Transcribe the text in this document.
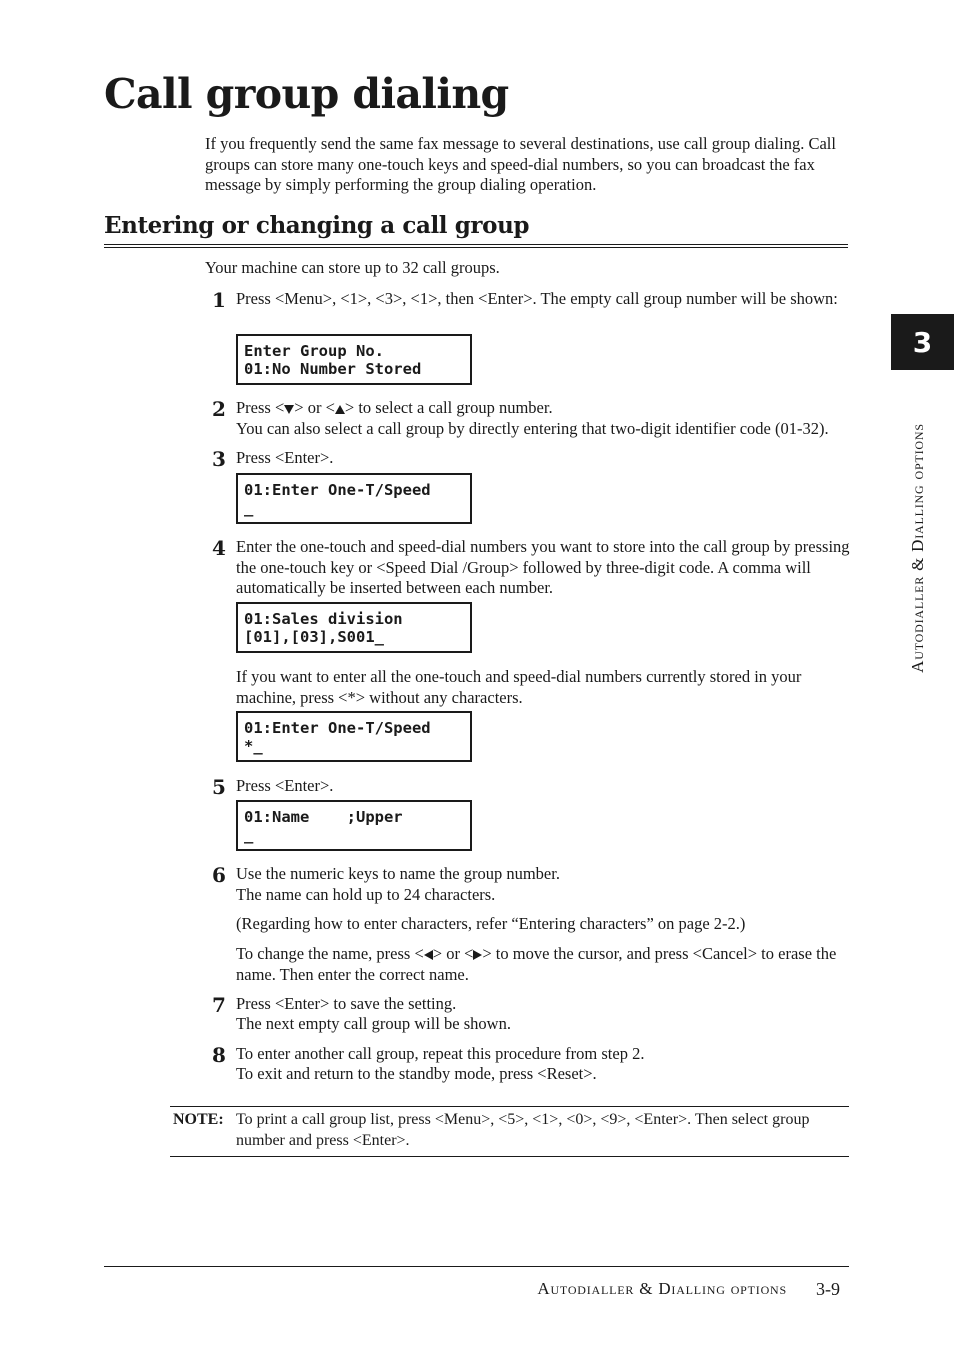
Call group dialing

If you frequently send the same fax message to several destinations, use call group dialing. Call groups can store many one-touch keys and speed-dial numbers, so you can broadcast the fax message by simply performing the group dialing operation.

Entering or changing a call group

Your machine can store up to 32 call groups.

1 Press <Menu>, <1>, <3>, <1>, then <Enter>. The empty call group number will be shown:

Enter Group No.
01:No Number Stored
2 Press < > or < > to select a call group number.

You can also select a call group by directly entering that two-digit identifier code (01-32).

3 Press <Enter>.

01:Enter One-T/Speed
_
4 Enter the one-touch and speed-dial numbers you want to store into the call group by pressing the one-touch key or <Speed Dial /Group> followed by three-digit code. A comma will automatically be inserted between each number.

01:Sales division
[01],[03],S001_

If you want to enter all the one-touch and speed-dial numbers currently stored in your machine, press <*> without any characters.

01:Enter One-T/Speed
*_
5 Press <Enter>.

01:Name    ;Upper
_
6 Use the numeric keys to name the group number.

The name can hold up to 24 characters.

(Regarding how to enter characters, refer “Entering characters” on page 2-2.)

To change the name, press < > or < > to move the cursor, and press <Cancel> to erase the name. Then enter the correct name.

7 Press <Enter> to save the setting.

The next empty call group will be shown.

8 To enter another call group, repeat this procedure from step 2.

To exit and return to the standby mode, press <Reset>.

NOTE: To print a call group list, press <Menu>, <5>, <1>, <0>, <9>, <Enter>. Then select group number and press <Enter>.

3
Autodialler & Dialling options
Autodialler & Dialling options 3-9
